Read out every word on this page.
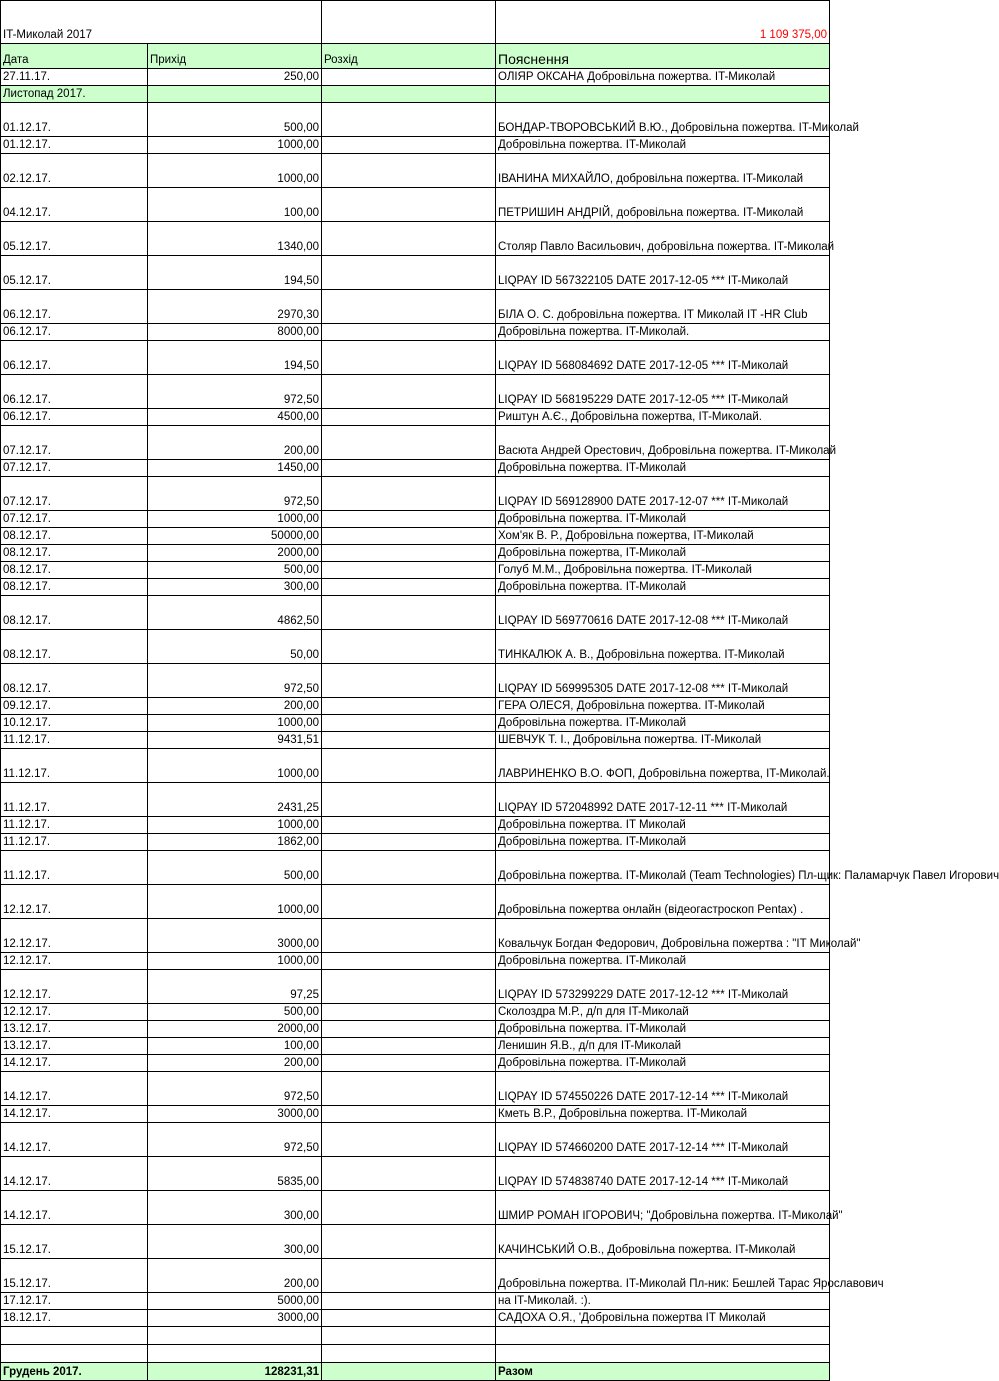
IT-Миколай 2017			1 109 375,00
Дата	Прихід	Розхід	Пояснення
27.11.17.	250,00		ОЛІЯР ОКСАНА Добровільна пожертва. IT-Миколай
Листопад 2017.			
01.12.17.	500,00		БОНДАР-ТВОРОВСЬКИЙ В.Ю., Добровільна пожертва. IT-Миколай
01.12.17.	1000,00		Добровільна пожертва. IT-Миколай
02.12.17.	1000,00		ІВАНИНА МИХАЙЛО, добровільна пожертва. IT-Миколай
04.12.17.	100,00		ПЕТРИШИН АНДРІЙ, добровільна пожертва. IT-Миколай
05.12.17.	1340,00		Столяр Павло Васильович, добровільна пожертва. IT-Миколай
05.12.17.	194,50		LIQPAY ID 567322105 DATE 2017-12-05 *** IT-Миколай
06.12.17.	2970,30		БІЛА О. С. добровільна пожертва. IT Миколай IT -HR Club
06.12.17.	8000,00		Добровільна пожертва. IT-Миколай.
06.12.17.	194,50		LIQPAY ID 568084692 DATE 2017-12-05 *** IT-Миколай
06.12.17.	972,50		LIQPAY ID 568195229 DATE 2017-12-05 *** IT-Миколай
06.12.17.	4500,00		Риштун А.Є., Добровільна пожертва, IT-Миколай.
07.12.17.	200,00		Васюта Андрей Орестович, Добровільна пожертва. IT-Миколай
07.12.17.	1450,00		Добровільна пожертва. IT-Миколай
07.12.17.	972,50		LIQPAY ID 569128900 DATE 2017-12-07 *** IT-Миколай
07.12.17.	1000,00		Добровільна пожертва. IT-Миколай
08.12.17.	50000,00		Хом'як В. Р., Добровільна пожертва, IT-Миколай
08.12.17.	2000,00		Добровільна пожертва, IT-Миколай
08.12.17.	500,00		Голуб М.М., Добровільна пожертва. IT-Миколай
08.12.17.	300,00		Добровільна пожертва. IT-Миколай
08.12.17.	4862,50		LIQPAY ID 569770616 DATE 2017-12-08 *** IT-Миколай
08.12.17.	50,00		ТИНКАЛЮК А. В., Добровільна пожертва. IT-Миколай
08.12.17.	972,50		LIQPAY ID 569995305 DATE 2017-12-08 *** IT-Миколай
09.12.17.	200,00		ГЕРА ОЛЕСЯ, Добровільна пожертва. IT-Миколай
10.12.17.	1000,00		Добровільна пожертва. IT-Миколай
11.12.17.	9431,51		ШЕВЧУК Т. І., Добровільна пожертва. IT-Миколай
11.12.17.	1000,00		ЛАВРИНЕНКО В.О. ФОП, Добровільна пожертва, IT-Миколай.
11.12.17.	2431,25		LIQPAY ID 572048992 DATE 2017-12-11 *** IT-Миколай
11.12.17.	1000,00		Добровільна пожертва. IT Миколай
11.12.17.	1862,00		Добровільна пожертва. IT-Миколай
11.12.17.	500,00		Добровільна пожертва. IT-Миколай (Team Technologies) Пл-щик: Паламарчук Павел Игорович
12.12.17.	1000,00		Добровільна пожертва онлайн (відеогастроскоп Pentax) .
12.12.17.	3000,00		Ковальчук Богдан Федорович, Добровільна пожертва : "IT Миколай"
12.12.17.	1000,00		Добровільна пожертва. IT-Миколай
12.12.17.	97,25		LIQPAY ID 573299229 DATE 2017-12-12 *** IT-Миколай
12.12.17.	500,00		Сколоздра М.Р., д/п для IT-Миколай
13.12.17.	2000,00		Добровільна пожертва. IT-Миколай
13.12.17.	100,00		Ленишин Я.В., д/п для IT-Миколай
14.12.17.	200,00		Добровільна пожертва. IT-Миколай
14.12.17.	972,50		LIQPAY ID 574550226 DATE 2017-12-14 *** IT-Миколай
14.12.17.	3000,00		Кметь В.Р., Добровільна пожертва. IT-Миколай
14.12.17.	972,50		LIQPAY ID 574660200 DATE 2017-12-14 *** IT-Миколай
14.12.17.	5835,00		LIQPAY ID 574838740 DATE 2017-12-14 *** IT-Миколай
14.12.17.	300,00		ШМИР РОМАН ІГОРОВИЧ; "Добровільна пожертва. IT-Миколай"
15.12.17.	300,00		КАЧИНСЬКИЙ О.В., Добровільна пожертва. IT-Миколай
15.12.17.	200,00		Добровільна пожертва. IT-Миколай Пл-ник: Бешлей Тарас Ярославович
17.12.17.	5000,00		на IT-Миколай. :).
18.12.17.	3000,00		САДОХА О.Я., 'Добровільна пожертва IT Миколай

Грудень 2017.	128231,31		Разом
